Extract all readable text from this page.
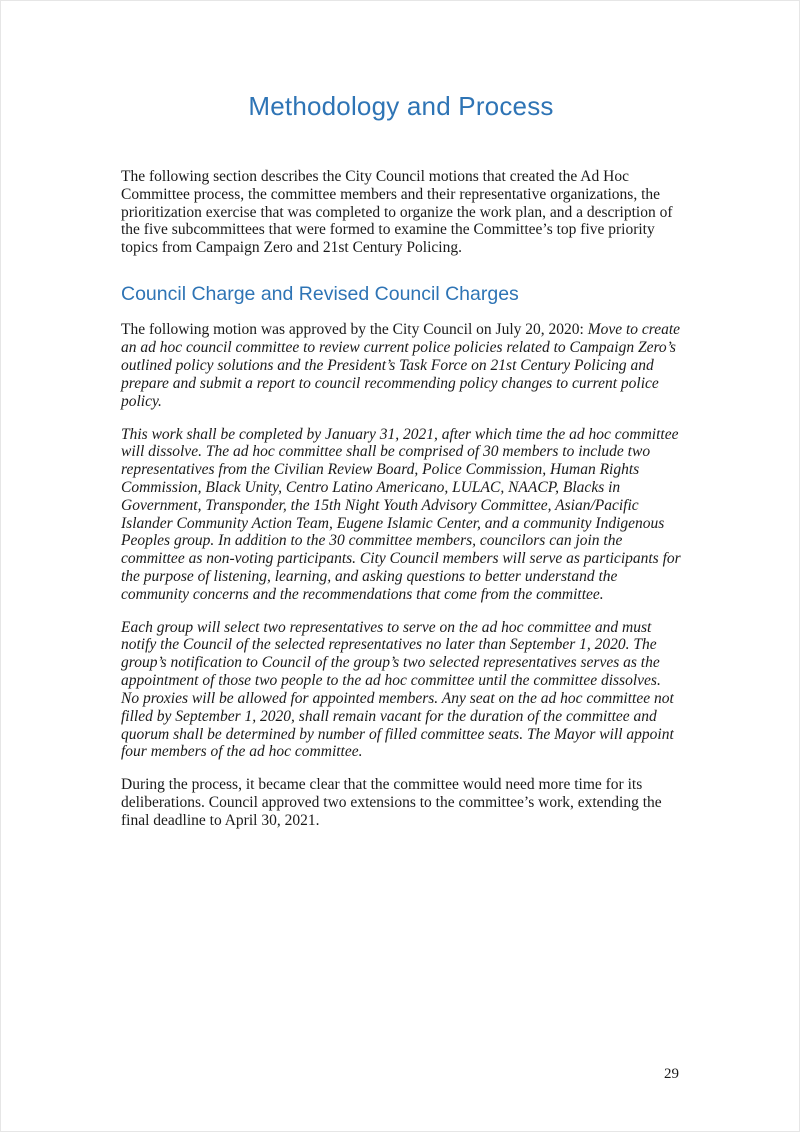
Methodology and Process

The following section describes the City Council motions that created the Ad Hoc Committee process, the committee members and their representative organizations, the prioritization exercise that was completed to organize the work plan, and a description of the five subcommittees that were formed to examine the Committee’s top five priority topics from Campaign Zero and 21st Century Policing.

Council Charge and Revised Council Charges

The following motion was approved by the City Council on July 20, 2020: Move to create an ad hoc council committee to review current police policies related to Campaign Zero’s outlined policy solutions and the President’s Task Force on 21st Century Policing and prepare and submit a report to council recommending policy changes to current police policy.

This work shall be completed by January 31, 2021, after which time the ad hoc committee will dissolve. The ad hoc committee shall be comprised of 30 members to include two representatives from the Civilian Review Board, Police Commission, Human Rights Commission, Black Unity, Centro Latino Americano, LULAC, NAACP, Blacks in Government, Transponder, the 15th Night Youth Advisory Committee, Asian/Pacific Islander Community Action Team, Eugene Islamic Center, and a community Indigenous Peoples group. In addition to the 30 committee members, councilors can join the committee as non-voting participants. City Council members will serve as participants for the purpose of listening, learning, and asking questions to better understand the community concerns and the recommendations that come from the committee.

Each group will select two representatives to serve on the ad hoc committee and must notify the Council of the selected representatives no later than September 1, 2020. The group’s notification to Council of the group’s two selected representatives serves as the appointment of those two people to the ad hoc committee until the committee dissolves. No proxies will be allowed for appointed members. Any seat on the ad hoc committee not filled by September 1, 2020, shall remain vacant for the duration of the committee and quorum shall be determined by number of filled committee seats. The Mayor will appoint four members of the ad hoc committee.

During the process, it became clear that the committee would need more time for its deliberations. Council approved two extensions to the committee’s work, extending the final deadline to April 30, 2021.

29
